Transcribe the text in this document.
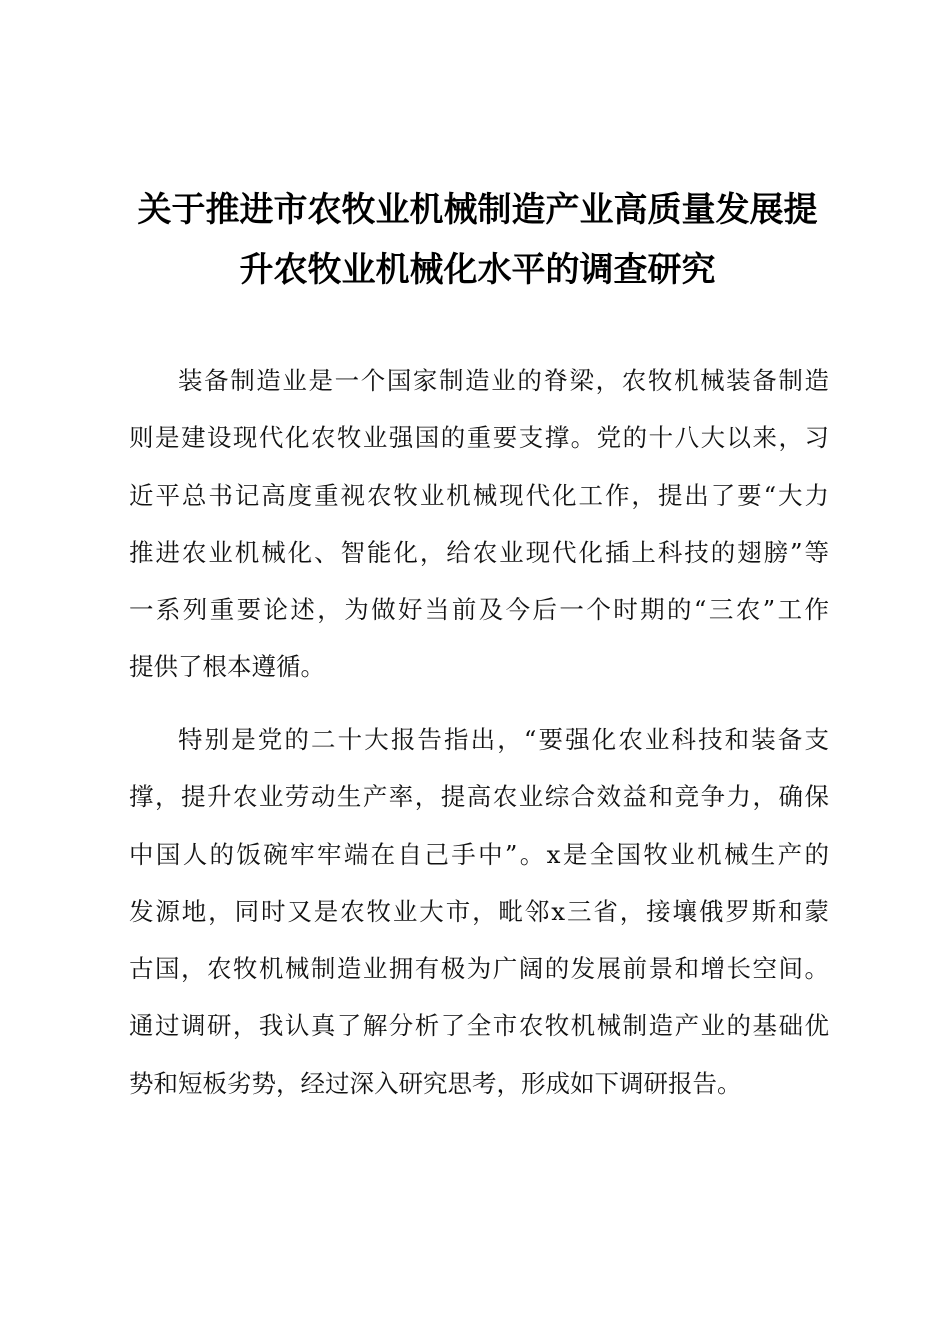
关于推进市农牧业机械制造产业高质量发展提
升农牧业机械化水平的调查研究
装备制造业是一个国家制造业的脊梁，农牧机械装备制造
则是建设现代化农牧业强国的重要支撑。党的十八大以来，习
近平总书记高度重视农牧业机械现代化工作，提出了要“大力
推进农业机械化、智能化，给农业现代化插上科技的翅膀”等
一系列重要论述，为做好当前及今后一个时期的“三农”工作
提供了根本遵循。
特别是党的二十大报告指出，“要强化农业科技和装备支
撑，提升农业劳动生产率，提高农业综合效益和竞争力，确保
中国人的饭碗牢牢端在自己手中”。x是全国牧业机械生产的
发源地，同时又是农牧业大市，毗邻x三省，接壤俄罗斯和蒙
古国，农牧机械制造业拥有极为广阔的发展前景和增长空间。
通过调研，我认真了解分析了全市农牧机械制造产业的基础优
势和短板劣势，经过深入研究思考，形成如下调研报告。
